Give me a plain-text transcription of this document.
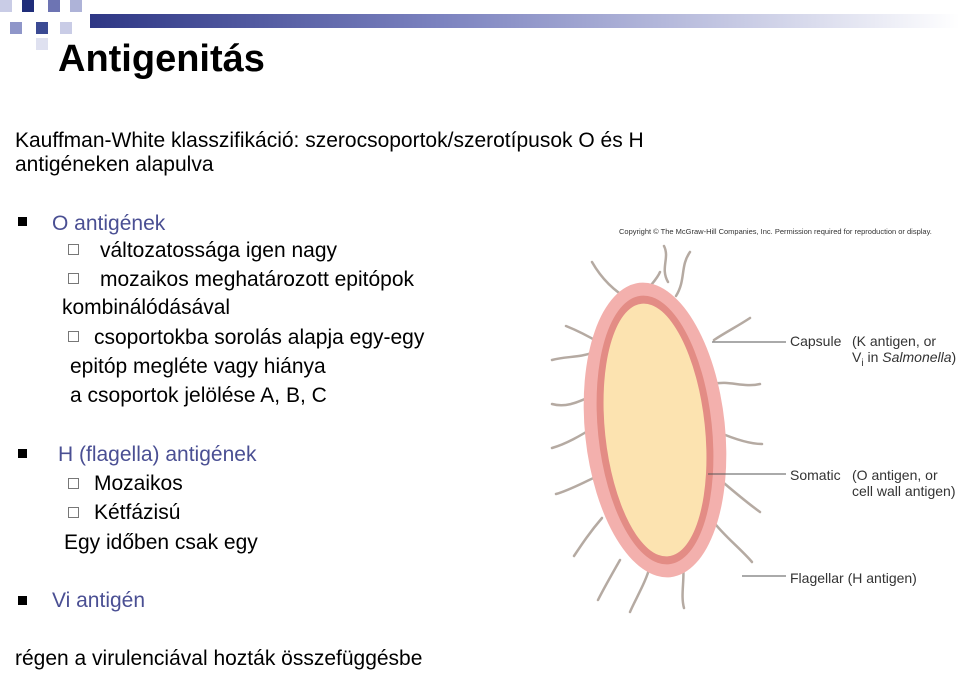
Antigenitás
Kauffman-White klasszifikáció: szerocsoportok/szerotípusok O és H
antigéneken alapulva
O antigének
változatossága igen nagy
mozaikos meghatározott epitópok
kombinálódásával
csoportokba sorolás alapja egy-egy
epitóp megléte vagy hiánya
a csoportok jelölése A, B, C
H (flagella) antigének
Mozaikos
Kétfázisú
Egy időben csak egy
Vi antigén
régen a virulenciával hozták összefüggésbe
Copyright © The McGraw-Hill Companies, Inc. Permission required for reproduction or display.
Capsule (K antigen, or
$V_i$ in Salmonella)
Somatic (O antigen, or
cell wall antigen)
Flagellar (H antigen)
